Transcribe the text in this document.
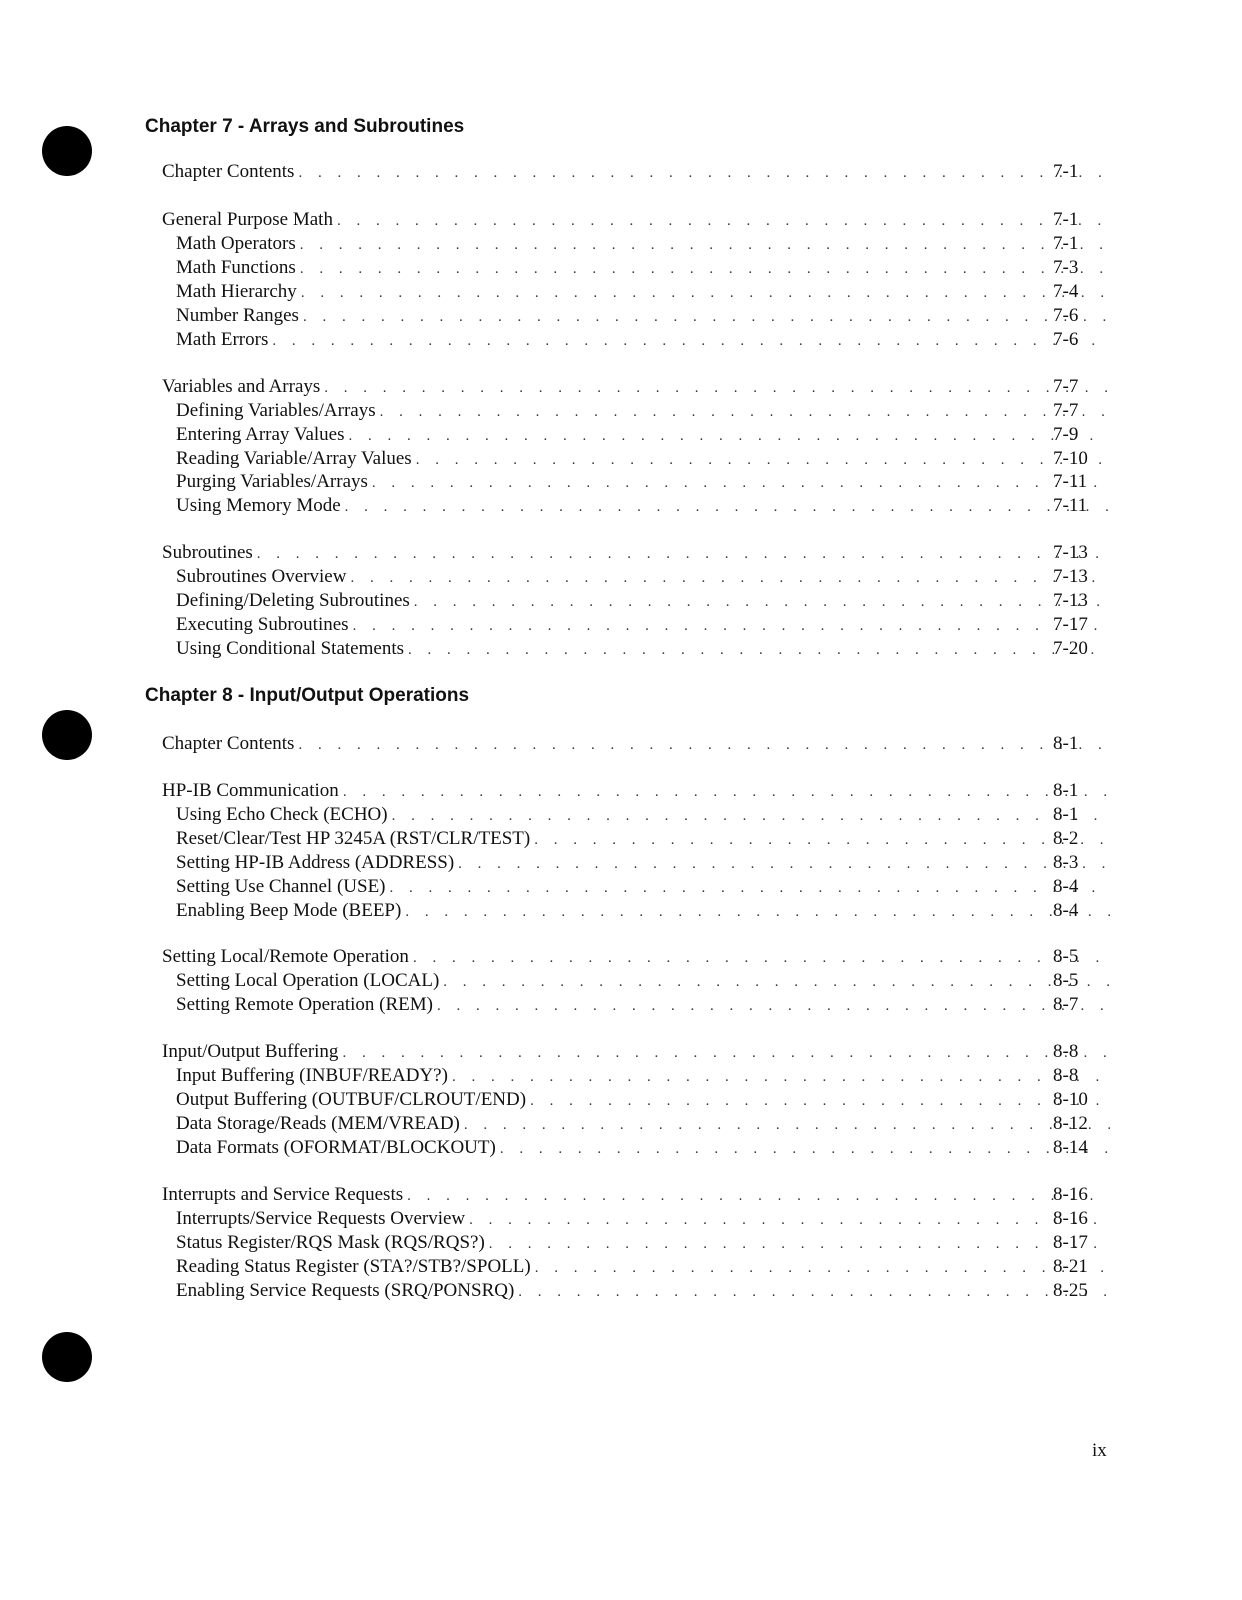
Chapter 7 - Arrays and Subroutines
Chapter 8 - Input/Output Operations
Chapter Contents . . .	7-1
General Purpose Math . . .	7-1
Math Operators . . .	7-1
Math Functions . . .	7-3
Math Hierarchy . . .	7-4
Number Ranges . . .	7-6
Math Errors . . .	7-6
Variables and Arrays . . .	7-7
Defining Variables/Arrays . . .	7-7
Entering Array Values . . .	7-9
Reading Variable/Array Values . . .	7-10
Purging Variables/Arrays . . .	7-11
Using Memory Mode . . .	7-11
Subroutines . . .	7-13
Subroutines Overview . . .	7-13
Defining/Deleting Subroutines . . .	7-13
Executing Subroutines . . .	7-17
Using Conditional Statements . . .	7-20
Chapter Contents . . .	8-1
HP-IB Communication . . .	8-1
Using Echo Check (ECHO) . . .	8-1
Reset/Clear/Test HP 3245A (RST/CLR/TEST) . . .	8-2
Setting HP-IB Address (ADDRESS) . . .	8-3
Setting Use Channel (USE) . . .	8-4
Enabling Beep Mode (BEEP) . . .	8-4
Setting Local/Remote Operation . . .	8-5
Setting Local Operation (LOCAL) . . .	8-5
Setting Remote Operation (REM) . . .	8-7
Input/Output Buffering . . .	8-8
Input Buffering (INBUF/READY?) . . .	8-8
Output Buffering (OUTBUF/CLROUT/END) . . .	8-10
Data Storage/Reads (MEM/VREAD) . . .	8-12
Data Formats (OFORMAT/BLOCKOUT) . . .	8-14
Interrupts and Service Requests . . .	8-16
Interrupts/Service Requests Overview . . .	8-16
Status Register/RQS Mask (RQS/RQS?) . . .	8-17
Reading Status Register (STA?/STB?/SPOLL) . . .	8-21
Enabling Service Requests (SRQ/PONSRQ) . . .	8-25
ix
